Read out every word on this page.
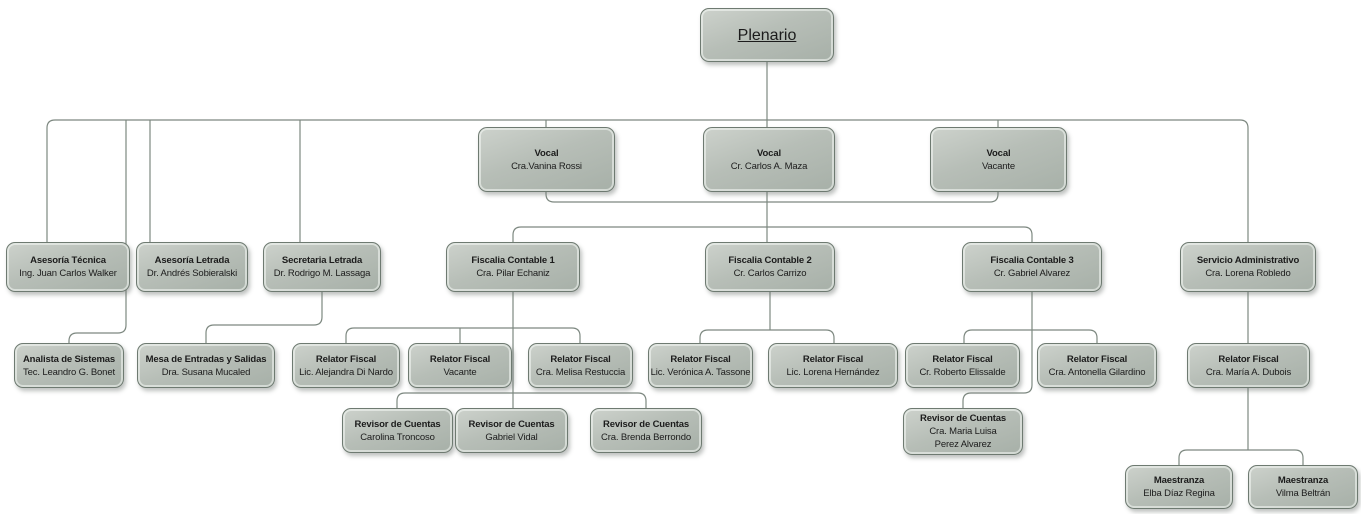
Plenario
Vocal
Cra.Vanina Rossi
Vocal
Cr. Carlos A. Maza
Vocal
Vacante
Asesoría Técnica
Ing. Juan Carlos Walker
Asesoría Letrada
Dr. Andrés Sobieralski
Secretaria Letrada
Dr. Rodrigo M. Lassaga
Fiscalia Contable 1
Cra. Pilar Echaniz
Fiscalia Contable 2
Cr. Carlos Carrizo
Fiscalia Contable 3
Cr. Gabriel Alvarez
Servicio Administrativo
Cra. Lorena Robledo
Analista de Sistemas
Tec. Leandro G. Bonet
Mesa de Entradas y Salidas
Dra. Susana Mucaled
Relator Fiscal
Lic. Alejandra Di Nardo
Relator Fiscal
Vacante
Relator Fiscal
Cra. Melisa Restuccia
Relator Fiscal
Lic. Verónica A. Tassone
Relator Fiscal
Lic. Lorena Hernández
Relator Fiscal
Cr. Roberto Elissalde
Relator Fiscal
Cra. Antonella Gilardino
Relator Fiscal
Cra. María A. Dubois
Revisor de Cuentas
Carolina Troncoso
Revisor de Cuentas
Gabriel Vidal
Revisor de Cuentas
Cra. Brenda Berrondo
Revisor de Cuentas
Cra. Maria Luisa
Perez Alvarez
Maestranza
Elba Díaz Regina
Maestranza
Vilma Beltrán
